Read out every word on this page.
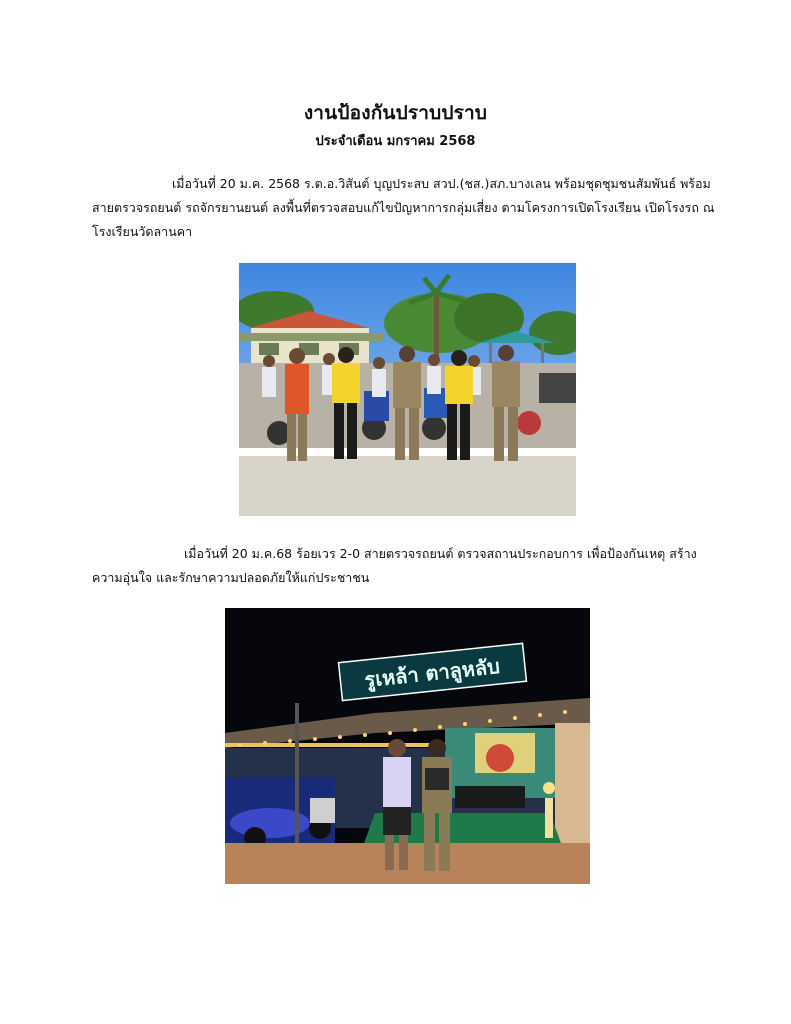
งานป้องกันปราบปราบ
ประจำเดือน มกราคม 2568
เมื่อวันที่ 20 ม.ค. 2568 ร.ต.อ.วิสันต์ บุญประสบ สวป.(ชส.)สภ.บางเลน พร้อมชุดชุมชนสัมพันธ์ พร้อมสายตรวจรถยนต์ รถจักรยานยนต์ ลงพื้นที่ตรวจสอบแก้ไขปัญหาการกลุ่มเสี่ยง ตามโครงการเปิดโรงเรียน เปิดโรงรถ ณ โรงเรียนวัดลานคา
เมื่อวันที่ 20 ม.ค.68 ร้อยเวร 2-0 สายตรวจรถยนต์ ตรวจสถานประกอบการ เพื่อป้องกันเหตุ สร้างความอุ่นใจ และรักษาความปลอดภัยให้แก่ประชาชน
รูเหล้า ตาลูหลับ
